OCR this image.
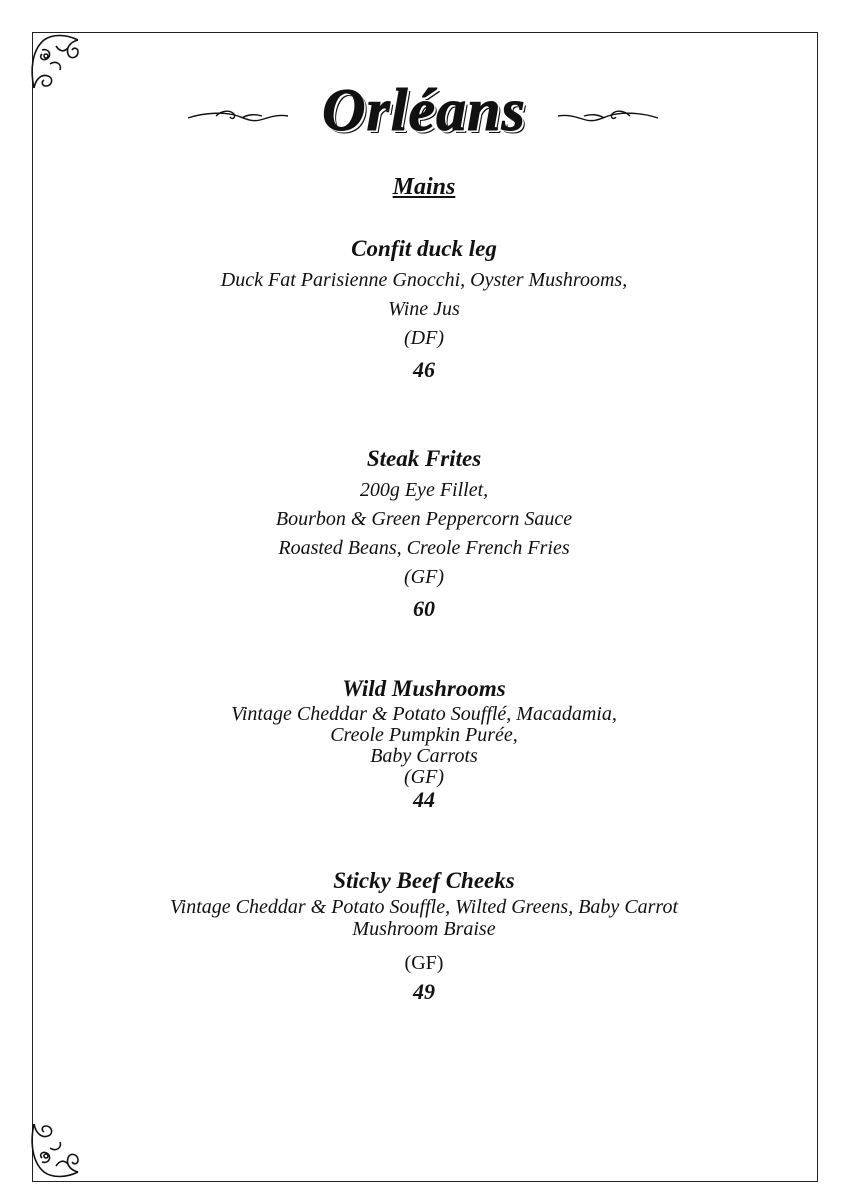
Orléans
Mains
Confit duck leg
Duck Fat Parisienne Gnocchi, Oyster Mushrooms,
Wine Jus
(DF)
46
Steak Frites
200g Eye Fillet,
Bourbon & Green Peppercorn Sauce
Roasted Beans, Creole French Fries
(GF)
60
Wild Mushrooms
Vintage Cheddar & Potato Soufflé, Macadamia,
Creole Pumpkin Purée,
Baby Carrots
(GF)
44
Sticky Beef Cheeks
Vintage Cheddar & Potato Souffle, Wilted Greens, Baby Carrot
Mushroom Braise
(GF)
49
